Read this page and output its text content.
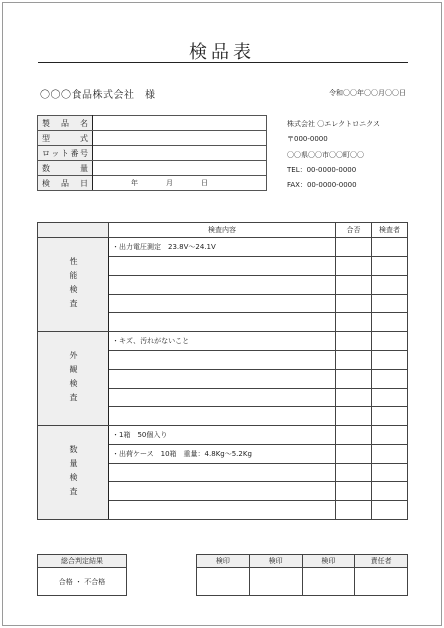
検品表
〇〇〇食品株式会社　様	令和〇〇年〇〇月〇〇日
製品名	
型式	
ロット番号	
数量	
検品日	年 月 日
株式会社 〇エレクトロニクス
〒000-0000
〇〇県〇〇市〇〇町〇〇
TEL：00-0000-0000
FAX：00-0000-0000
	検査内容	合否	検査者

性能検査	・出力電圧測定　23.8V〜24.1V		

外観検査	・キズ、汚れがないこと		

数量検査	・1箱　50個入り		
	・出荷ケース　10箱　重量：4.8Kg〜5.2Kg		

総合判定結果
合格 ・ 不合格
検印	検印	検印	責任者
